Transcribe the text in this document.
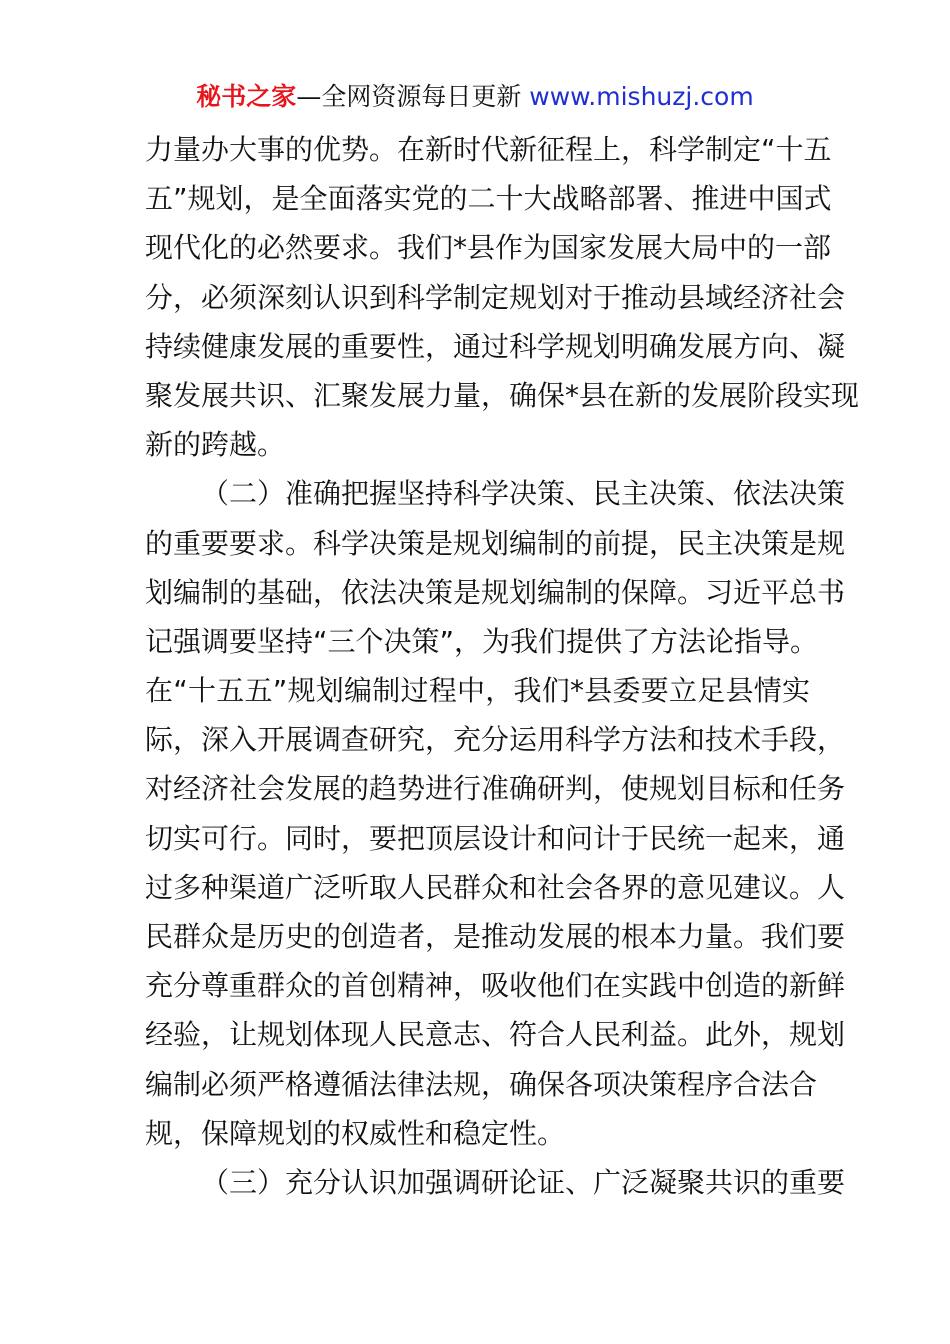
秘书之家—全网资源每日更新 www.mishuzj.com
力量办大事的优势。在新时代新征程上，科学制定“十五
五”规划，是全面落实党的二十大战略部署、推进中国式
现代化的必然要求。我们*县作为国家发展大局中的一部
分，必须深刻认识到科学制定规划对于推动县域经济社会
持续健康发展的重要性，通过科学规划明确发展方向、凝
聚发展共识、汇聚发展力量，确保*县在新的发展阶段实现
新的跨越。
（二）准确把握坚持科学决策、民主决策、依法决策
的重要要求。科学决策是规划编制的前提，民主决策是规
划编制的基础，依法决策是规划编制的保障。习近平总书
记强调要坚持“三个决策”，为我们提供了方法论指导。
在“十五五”规划编制过程中，我们*县委要立足县情实
际，深入开展调查研究，充分运用科学方法和技术手段，
对经济社会发展的趋势进行准确研判，使规划目标和任务
切实可行。同时，要把顶层设计和问计于民统一起来，通
过多种渠道广泛听取人民群众和社会各界的意见建议。人
民群众是历史的创造者，是推动发展的根本力量。我们要
充分尊重群众的首创精神，吸收他们在实践中创造的新鲜
经验，让规划体现人民意志、符合人民利益。此外，规划
编制必须严格遵循法律法规，确保各项决策程序合法合
规，保障规划的权威性和稳定性。
（三）充分认识加强调研论证、广泛凝聚共识的重要
